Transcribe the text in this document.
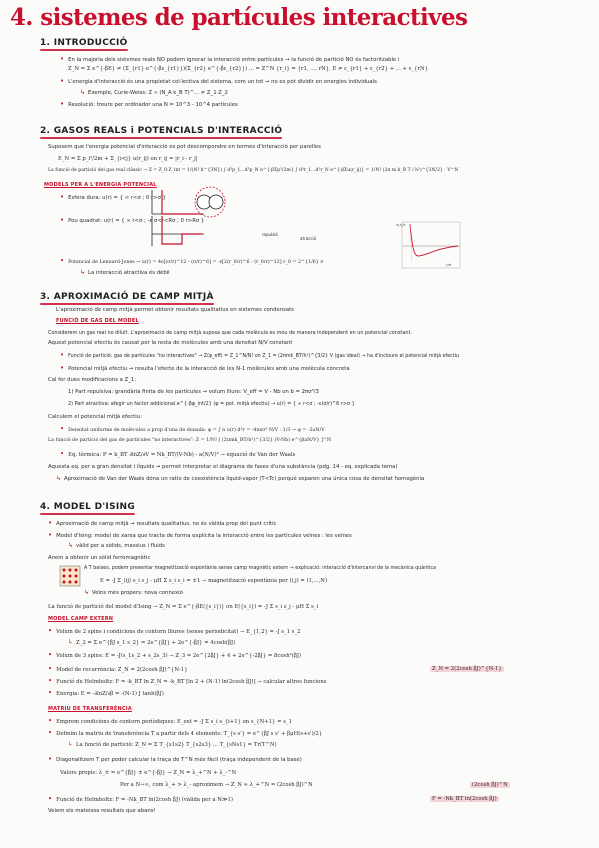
4. sistemes de partícules interactives
1. INTRODUCCIÓ
• En la majoria dels sistemes reals NO podem ignorar la interacció entre partícules → la funció de partició NO és factoritzable i
Z_N = Σ e^{-βE} ≠ (Σ_{r1} e^{-βε_{r1}})(Σ_{r2} e^{-βε_{r2}}) ... = Z^N {r_i} = {r1, ..., rN}, E ≠ ε_{r1} + ε_{r2} + ... + ε_{rN}
• L'energia d'interacció és una propietat col·lectiva del sistema, com un tot → no es pot dividir en energies individuals
↳ Exemple, Curie-Weiss: Z ∝ (N_A k_B T)^... ≠ Z_1·Z_2
• Resolució: treure per ordinador una N = 10^3 - 10^4 partícules
2. GASOS REALS i POTENCIALS D'INTERACCIÓ
Suposem que l'energia potencial d'interacció es pot descompondre en termes d'interacció per parelles
E_N = Σ p_i²/2m + Σ_{i<j} u(r_ij) on r_ij = |r_i - r_j|
La funció de partició del gas real clàssic → Z = Z_0·Z_int = 1/(N! h^{3N}) ∫ d³p_1...d³p_N e^{-βΣp²/2m} ∫ d³r_1...d³r_N e^{-βΣu(r_ij)} = 1/N! (2π m k_B T / h²)^{3N/2} · V^N
MODELS PER A L'ENERGIA POTENCIAL
• Esfera dura: u(r) = { ∞ r<σ ; 0 r>σ }
• Pou quadrat: u(r) = { ∞ r<σ ; -ε σ<r<Rσ ; 0 r>Rσ }
u(r)/ε
r/σ
repulsió
atracció
• Potencial de Lennard-Jones → u(r) = 4ε[(σ/r)^12 - (σ/r)^6] = -ε[2(r_0/r)^6 - (r_0/r)^12] r_0 = 2^{1/6} σ
↳ La interacció atractiva és dèbil
3. APROXIMACIÓ DE CAMP MITJÀ
L'aproximació de camp mitjà permet obtenir resultats qualitatius en sistemes condensats
FUNCIÓ DE GAS DEL MODEL
Considerem un gas real no diluït. L'aproximació de camp mitjà suposa que cada molècula es mou de manera independent en un potencial constant.
Aquest potencial efectiu és causat per la resta de molècules amb una densitat N/V constant
• Funció de partició: gas de partícules "no interactives" → Z(φ_eff) = Z_1^N/N! on Z_1 = (2πmk_BT/h²)^{3/2} V (gas ideal) → ha d'incloure el potencial mitjà efectiu
• Potencial mitjà efectiu → resulta l'efecte de la interacció de les N-1 molècules amb una molècula concreta
Cal fer dues modificacions a Z_1:
1) Part repulsiva: grandària finita de les partícules → volum lliure: V_eff = V - Nb on b = 2πσ³/3
2) Part atractiva: afegir un factor addicional e^{-βφ_int/2} (φ = pot. mitjà efectiu) → u(r) = { ∞ r<σ ; -ε(σ/r)^6 r>σ }
Calculem el potencial mitjà efectiu:
• Densitat uniforme de molècules a prop d'una de donada: φ = ∫ n u(r) d³r = -4πεσ³ N/V · 1/3 → φ = -2aN/V
La funció de partició del gas de partícules "no interactives": Z = 1/N! [ (2πmk_BT/h²)^{3/2} (V-Nb) e^{βaN/V} ]^N
• Eq. tèrmica: P = k_BT ∂lnZ/∂V = Nk_BT/(V-Nb) - a(N/V)² → equació de Van der Waals
Aquesta eq. per a gran densitat i líquids → permet interpretar el diagrama de fases d'una substància (pdg. 14 - eq. explicada tema)
↳ Aproximació de Van der Waals dóna un ratio de coexistència líquid-vapor (T<Tc) perquè separen una única cosa de densitat homogènia
4. MODEL D'ISING
• Aproximació de camp mitjà → resultats qualitatius, no és vàlida prop del punt crític
• Model d'Ising: model de xarxa que tracta de forma explícita la interacció entre les partícules veïnes : les veïnes
↳ vàlid per a sòlids, massius i fluids
Anem a obtenir un sòlid ferromagnètic
A T baixes, podem presentar magnetització espontània sense camp magnètic extern → explicació: interacció d'intercanvi de la mecànica quàntica
E = -J Σ_⟨ij⟩ s_i s_j - μH Σ s_i s_i = ±1 → magnetització espontània per (i,j) = (1,...,N)
↳ Veïns més propers: nova connexió
La funció de partició del model d'Ising → Z_N = Σ e^{-βE({s_i})} on E({s_i}) = -J Σ s_i s_j - μH Σ s_i
MODEL CAMP EXTERN
• Volum de 2 spins i condicions de contorn lliures (sense periodicitat) → E_{1,2} = -J s_1 s_2
↳ Z_2 = Σ e^{βJ s_1 s_2} = 2e^{βJ} + 2e^{-βJ} = 4cosh(βJ)
• Volum de 3 spins: E = -J(s_1s_2 + s_2s_3) → Z_3 = 2e^{2βJ} + 4 + 2e^{-2βJ} = 8cosh²(βJ)
• Model de recurrència: Z_N = 2(2cosh βJ)^{N-1}
• Funció de Helmholtz: F = -k_BT ln Z_N = -k_BT [ln 2 + (N-1) ln(2cosh βJ)] → calcular altres funcions
• Energia: E = -∂lnZ/∂β = -(N-1) J tanh(βJ)
MATRIU DE TRANSFERÈNCIA
• Emprem condicions de contorn periòdiques: E_ext = -J Σ s_i s_{i+1} on s_{N+1} = s_1
• Definim la matriu de transferència T a partir dels 4 elements: T_{s s'} = e^{βJ s s' + βμH(s+s')/2}
↳ La funció de partició: Z_N = Σ T_{s1s2} T_{s2s3} ... T_{sNs1} = Tr(T^N)
• Diagonalitzem T per poder calcular la traça de T^N més fàcil (traça independent de la base)
Valors propis: λ_± = e^{βJ} ± e^{-βJ} → Z_N = λ_+^N + λ_-^N
Per a N→∞, com λ_+ > λ_- aproximem → Z_N ≈ λ_+^N = (2cosh βJ)^N
• Funció de Helmholtz: F = -Nk_BT ln(2cosh βJ) (vàlida per a N≫1)
Veiem els mateixos resultats que abans!
Z_N = 2(2cosh βJ)^{N-1}
F = -Nk_BT ln(2cosh βJ)
(2cosh βJ)^N
